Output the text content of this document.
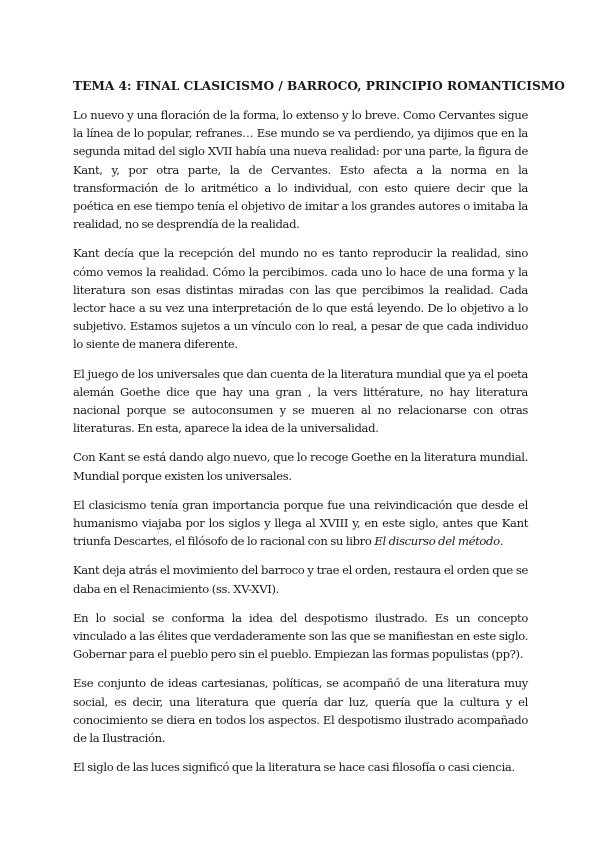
TEMA 4: FINAL CLASICISMO / BARROCO, PRINCIPIO ROMANTICISMO

Lo nuevo y una floración de la forma, lo extenso y lo breve. Como Cervantes sigue la línea de lo popular, refranes… Ese mundo se va perdiendo, ya dijimos que en la segunda mitad del siglo XVII había una nueva realidad: por una parte, la figura de Kant, y, por otra parte, la de Cervantes. Esto afecta a la norma en la transformación de lo aritmético a lo individual, con esto quiere decir que la poética en ese tiempo tenía el objetivo de imitar a los grandes autores o imitaba la realidad, no se desprendía de la realidad.

Kant decía que la recepción del mundo no es tanto reproducir la realidad, sino cómo vemos la realidad. Cómo la percibimos. cada uno lo hace de una forma y la literatura son esas distintas miradas con las que percibimos la realidad. Cada lector hace a su vez una interpretación de lo que está leyendo. De lo objetivo a lo subjetivo. Estamos sujetos a un vínculo con lo real, a pesar de que cada individuo lo siente de manera diferente.

El juego de los universales que dan cuenta de la literatura mundial que ya el poeta alemán Goethe dice que hay una gran , la vers littérature, no hay literatura nacional porque se autoconsumen y se mueren al no relacionarse con otras literaturas. En esta, aparece la idea de la universalidad.

Con Kant se está dando algo nuevo, que lo recoge Goethe en la literatura mundial. Mundial porque existen los universales.

El clasicismo tenía gran importancia porque fue una reivindicación que desde el humanismo viajaba por los siglos y llega al XVIII y, en este siglo, antes que Kant triunfa Descartes, el filósofo de lo racional con su libro El discurso del método.

Kant deja atrás el movimiento del barroco y trae el orden, restaura el orden que se daba en el Renacimiento (ss. XV-XVI).

En lo social se conforma la idea del despotismo ilustrado. Es un concepto vinculado a las élites que verdaderamente son las que se manifiestan en este siglo. Gobernar para el pueblo pero sin el pueblo. Empiezan las formas populistas (pp?).

Ese conjunto de ideas cartesianas, políticas, se acompañó de una literatura muy social, es decir, una literatura que quería dar luz, quería que la cultura y el conocimiento se diera en todos los aspectos. El despotismo ilustrado acompañado de la Ilustración.

El siglo de las luces significó que la literatura se hace casi filosofía o casi ciencia.
